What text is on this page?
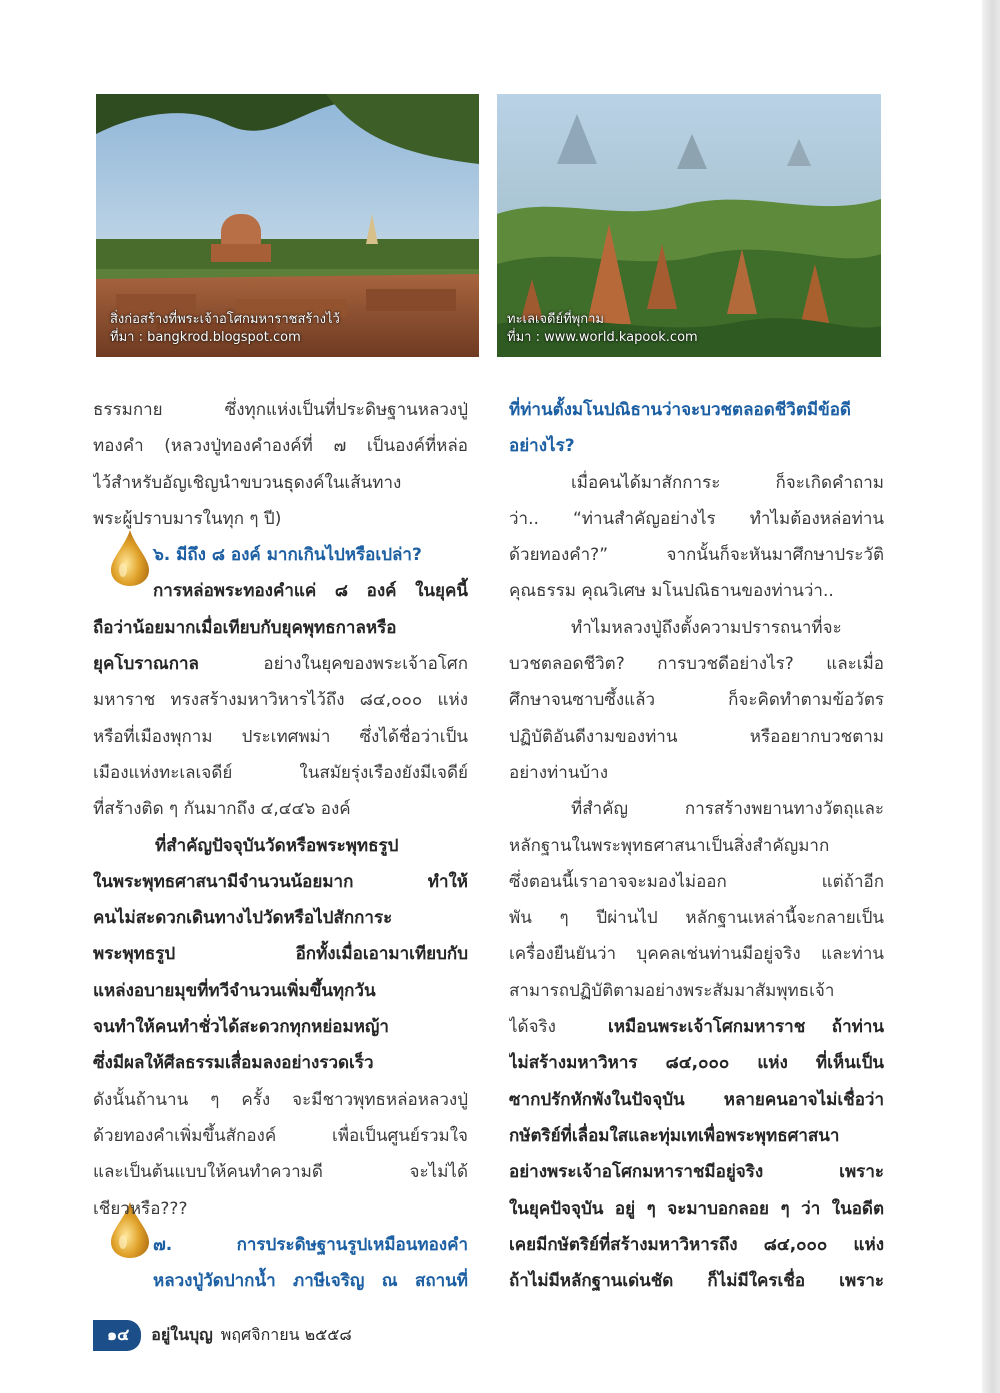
สิ่งก่อสร้างที่พระเจ้าอโศกมหาราชสร้างไว้
ที่มา : bangkrod.blogspot.com
ทะเลเจดีย์ที่พุกาม
ที่มา : www.world.kapook.com
ธรรมกาย ซึ่งทุกแห่งเป็นที่ประดิษฐานหลวงปู่
ทองคำ (หลวงปู่ทองคำองค์ที่ ๗ เป็นองค์ที่หล่อ
ไว้สำหรับอัญเชิญนำขบวนธุดงค์ในเส้นทาง
พระผู้ปราบมารในทุก ๆ ปี)
๖. มีถึง ๘ องค์ มากเกินไปหรือเปล่า?
การหล่อพระทองคำแค่ ๘ องค์ ในยุคนี้
ถือว่าน้อยมากเมื่อเทียบกับยุคพุทธกาลหรือ
ยุคโบราณกาล	อย่างในยุคของพระเจ้าอโศก
มหาราช ทรงสร้างมหาวิหารไว้ถึง ๘๔,๐๐๐ แห่ง
หรือที่เมืองพุกาม ประเทศพม่า ซึ่งได้ชื่อว่าเป็น
เมืองแห่งทะเลเจดีย์ ในสมัยรุ่งเรืองยังมีเจดีย์
ที่สร้างติด ๆ กันมากถึง ๔,๔๔๖ องค์
ที่สำคัญปัจจุบันวัดหรือพระพุทธรูป
ในพระพุทธศาสนามีจำนวนน้อยมาก ทำให้
คนไม่สะดวกเดินทางไปวัดหรือไปสักการะ
พระพุทธรูป อีกทั้งเมื่อเอามาเทียบกับ
แหล่งอบายมุขที่ทวีจำนวนเพิ่มขึ้นทุกวัน
จนทำให้คนทำชั่วได้สะดวกทุกหย่อมหญ้า
ซึ่งมีผลให้ศีลธรรมเสื่อมลงอย่างรวดเร็ว
ดังนั้นถ้านาน ๆ ครั้ง จะมีชาวพุทธหล่อหลวงปู่
ด้วยทองคำเพิ่มขึ้นสักองค์ เพื่อเป็นศูนย์รวมใจ
และเป็นต้นแบบให้คนทำความดี จะไม่ได้
เชียวหรือ???
๗. การประดิษฐานรูปเหมือนทองคำ
หลวงปู่วัดปากน้ำ ภาษีเจริญ ณ สถานที่
ที่ท่านตั้งมโนปณิธานว่าจะบวชตลอดชีวิตมีข้อดี
อย่างไร?
เมื่อคนได้มาสักการะ ก็จะเกิดคำถาม
ว่า.. “ท่านสำคัญอย่างไร ทำไมต้องหล่อท่าน
ด้วยทองคำ?” จากนั้นก็จะหันมาศึกษาประวัติ
คุณธรรม คุณวิเศษ มโนปณิธานของท่านว่า..
ทำไมหลวงปู่ถึงตั้งความปรารถนาที่จะ
บวชตลอดชีวิต? การบวชดีอย่างไร? และเมื่อ
ศึกษาจนซาบซึ้งแล้ว ก็จะคิดทำตามข้อวัตร
ปฏิบัติอันดีงามของท่าน หรืออยากบวชตาม
อย่างท่านบ้าง
ที่สำคัญ การสร้างพยานทางวัตถุและ
หลักฐานในพระพุทธศาสนาเป็นสิ่งสำคัญมาก
ซึ่งตอนนี้เราอาจจะมองไม่ออก แต่ถ้าอีก
พัน ๆ ปีผ่านไป หลักฐานเหล่านี้จะกลายเป็น
เครื่องยืนยันว่า บุคคลเช่นท่านมีอยู่จริง และท่าน
สามารถปฏิบัติตามอย่างพระสัมมาสัมพุทธเจ้า
ได้จริง	เหมือนพระเจ้าโศกมหาราช ถ้าท่าน
ไม่สร้างมหาวิหาร ๘๔,๐๐๐ แห่ง ที่เห็นเป็น
ซากปรักหักพังในปัจจุบัน หลายคนอาจไม่เชื่อว่า
กษัตริย์ที่เลื่อมใสและทุ่มเทเพื่อพระพุทธศาสนา
อย่างพระเจ้าอโศกมหาราชมีอยู่จริง เพราะ
ในยุคปัจจุบัน อยู่ ๆ จะมาบอกลอย ๆ ว่า ในอดีต
เคยมีกษัตริย์ที่สร้างมหาวิหารถึง ๘๔,๐๐๐ แห่ง
ถ้าไม่มีหลักฐานเด่นชัด ก็ไม่มีใครเชื่อ เพราะ
๑๔	อยู่ในบุญ พฤศจิกายน ๒๕๕๘
